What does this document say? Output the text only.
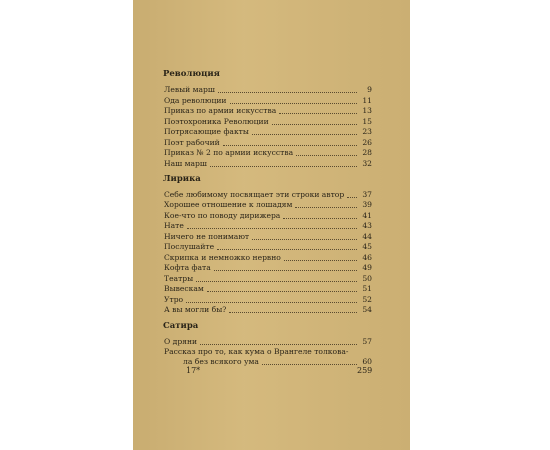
Революция
Левый марш	9
Ода революции	11
Приказ по армии искусства	13
Поэтохроника Революции	15
Потрясающие факты	23
Поэт рабочий	26
Приказ № 2 по армии искусства	28
Наш марш	32
Лирика
Себе любимому посвящает эти строки автор	37
Хорошее отношение к лошадям	39
Кое-что по поводу дирижера	41
Нате	43
Ничего не понимают	44
Послушайте	45
Скрипка и немножко нервно	46
Кофта фата	49
Театры	50
Вывескам	51
Утро	52
А вы могли бы?	54
Сатира
О дряни	57
Рассказ про то, как кума о Врангеле толкова-
ла без всякого ума	60
17*	259
